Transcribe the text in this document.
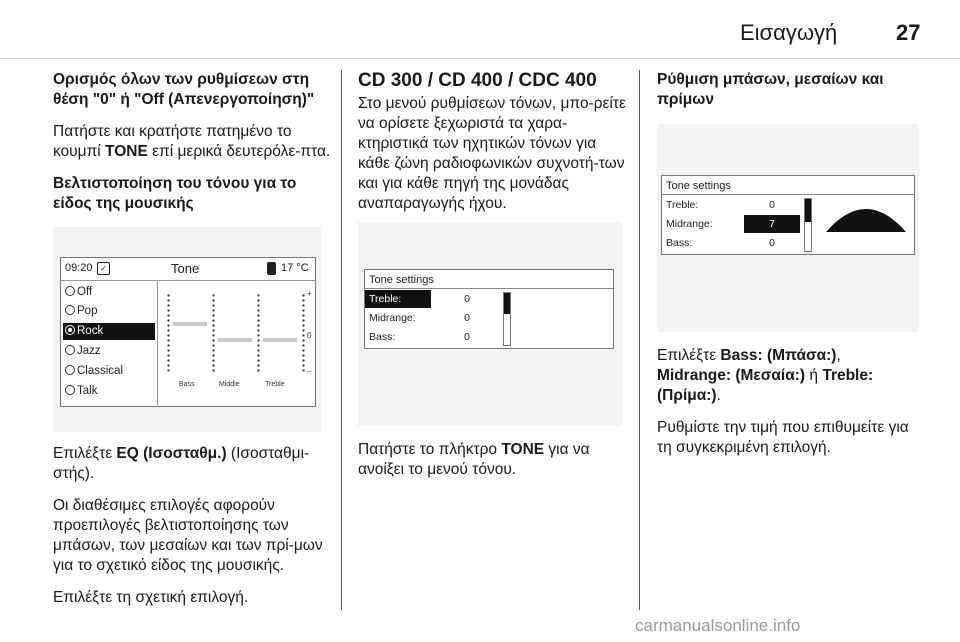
Εισαγωγή	27

Ορισμός όλων των ρυθμίσεων στη θέση "0" ή "Off (Απενεργοποίηση)"

Πατήστε και κρατήστε πατημένο το κουμπί TONE επί μερικά δευτερόλε-πτα.

Βελτιστοποίηση του τόνου για το είδος της μουσικής

09:20 ✓	Tone	17 °C
Off
Pop
Rock
Jazz
Classical
Talk
Bass	Middle	Treble
+
0
–

Επιλέξτε EQ (Ισοσταθμ.) (Ισοσταθμι-στής).

Οι διαθέσιμες επιλογές αφορούν προεπιλογές βελτιστοποίησης των μπάσων, των μεσαίων και των πρί-μων για το σχετικό είδος της μουσικής.

Επιλέξτε τη σχετική επιλογή.

CD 300 / CD 400 / CDC 400

Στο μενού ρυθμίσεων τόνων, μπο-ρείτε να ορίσετε ξεχωριστά τα χαρα-κτηριστικά των ηχητικών τόνων για κάθε ζώνη ραδιοφωνικών συχνοτή-των και για κάθε πηγή της μονάδας αναπαραγωγής ήχου.

Tone settings
Treble:	0
Midrange:	0
Bass:	0

Πατήστε το πλήκτρο TONE για να ανοίξει το μενού τόνου.

Ρύθμιση μπάσων, μεσαίων και πρίμων

Tone settings
Treble:	0
Midrange:	7
Bass:	0

Επιλέξτε Bass: (Μπάσα:), Midrange: (Μεσαία:) ή Treble: (Πρίμα:).

Ρυθμίστε την τιμή που επιθυμείτε για τη συγκεκριμένη επιλογή.

carmanualsonline.info
